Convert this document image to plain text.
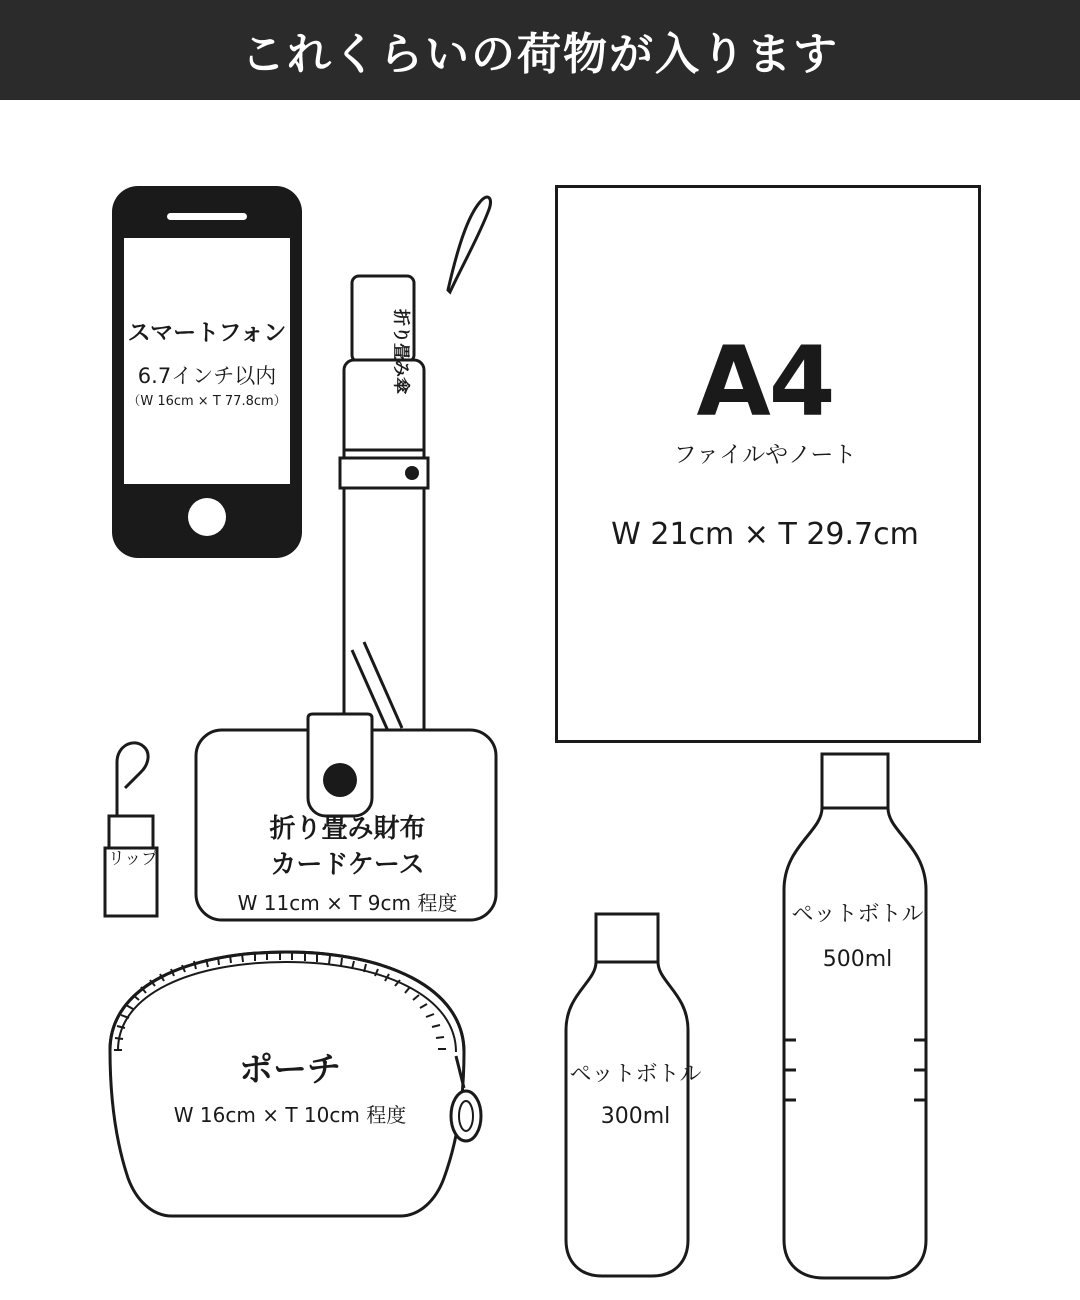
これくらいの荷物が入ります
スマートフォン
6.7インチ以内
（W 16cm × T 77.8cm）
折り畳み傘	A4
ファイルやノート
W 21cm × T 29.7cm
リップ
折り畳み財布
カードケース
W 11cm × T 9cm 程度
ポーチ
W 16cm × T 10cm 程度
ペットボトル
300ml
ペットボトル
500ml
